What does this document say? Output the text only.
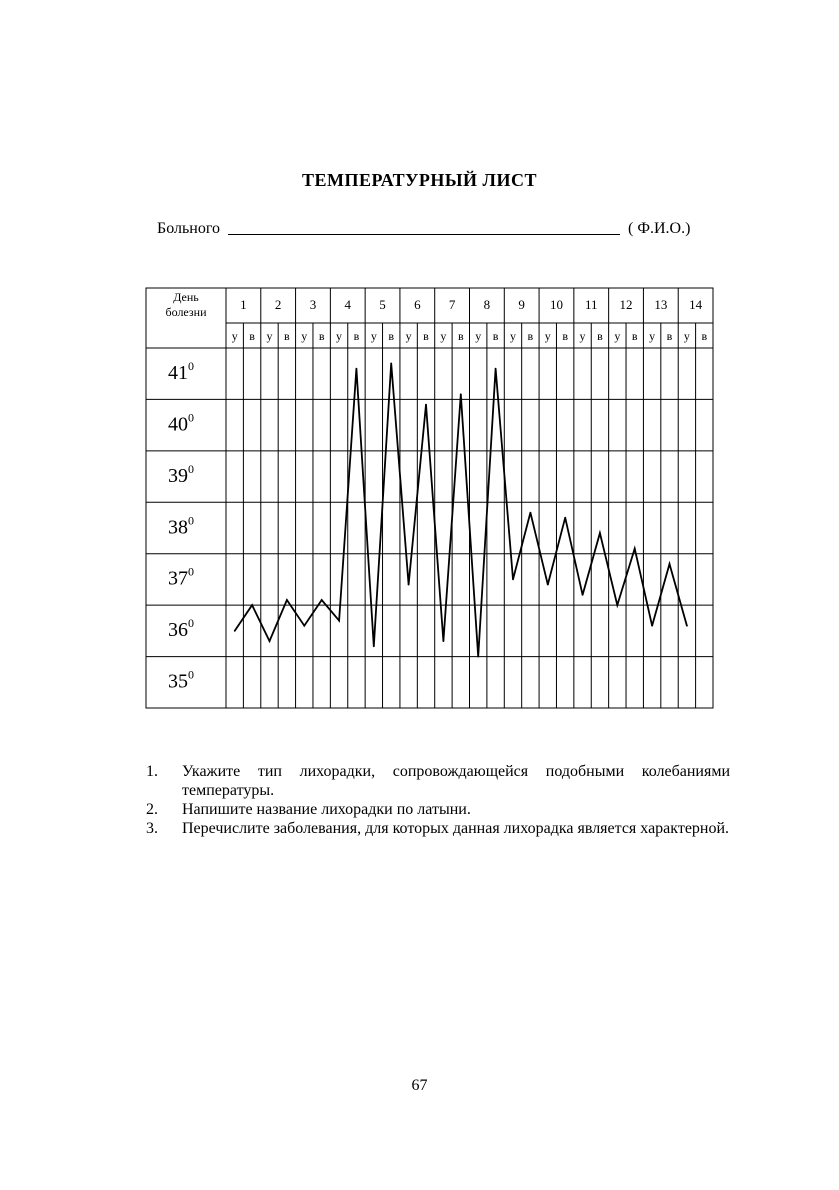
ТЕМПЕРАТУРНЫЙ ЛИСТ
Больного	( Ф.И.О.)
День
болезни	1 2 3 4 5 6 7 8 9 10 11 12 13 14
у в у в у в у в у в у в у в у в у в у в у в у в у в у в
$41^0$
$40^0$
$39^0$
$38^0$
$37^0$
$36^0$
$35^0$
1. Укажите тип лихорадки, сопровождающейся подобными колебаниями температуры.
2. Напишите название лихорадки по латыни.
3. Перечислите заболевания, для которых данная лихорадка является характерной.
67
